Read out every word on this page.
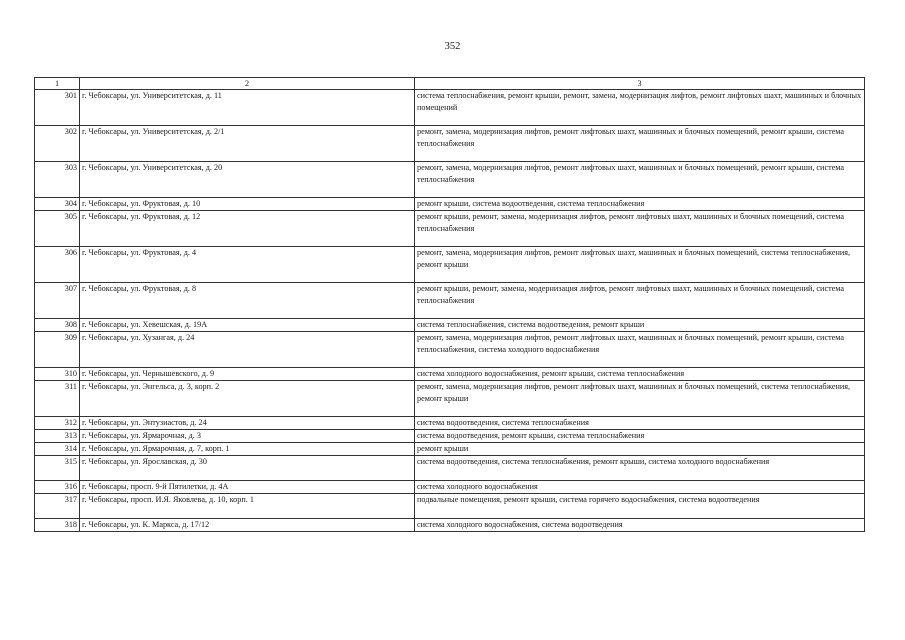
352
1	2	3
301	г. Чебоксары, ул. Университетская, д. 11	система теплоснабжения, ремонт крыши, ремонт, замена, модернизация лифтов, ремонт лифтовых шахт, машинных и блочных помещений
302	г. Чебоксары, ул. Университетская, д. 2/1	ремонт, замена, модернизация лифтов, ремонт лифтовых шахт, машинных и блочных помещений, ремонт крыши, система теплоснабжения
303	г. Чебоксары, ул. Университетская, д. 20	ремонт, замена, модернизация лифтов, ремонт лифтовых шахт, машинных и блочных помещений, ремонт крыши, система теплоснабжения
304	г. Чебоксары, ул. Фруктовая, д. 10	ремонт крыши, система водоотведения, система теплоснабжения
305	г. Чебоксары, ул. Фруктовая, д. 12	ремонт крыши, ремонт, замена, модернизация лифтов, ремонт лифтовых шахт, машинных и блочных помещений, система теплоснабжения
306	г. Чебоксары, ул. Фруктовая, д. 4	ремонт, замена, модернизация лифтов, ремонт лифтовых шахт, машинных и блочных помещений, система теплоснабжения, ремонт крыши
307	г. Чебоксары, ул. Фруктовая, д. 8	ремонт крыши, ремонт, замена, модернизация лифтов, ремонт лифтовых шахт, машинных и блочных помещений, система теплоснабжения
308	г. Чебоксары, ул. Хевешская, д. 19А	система теплоснабжения, система водоотведения, ремонт крыши
309	г. Чебоксары, ул. Хузангая, д. 24	ремонт, замена, модернизация лифтов, ремонт лифтовых шахт, машинных и блочных помещений, ремонт крыши, система теплоснабжения, система холодного водоснабжения
310	г. Чебоксары, ул. Чернышевского, д. 9	система холодного водоснабжения, ремонт крыши, система теплоснабжения
311	г. Чебоксары, ул. Энгельса, д. 3, корп. 2	ремонт, замена, модернизация лифтов, ремонт лифтовых шахт, машинных и блочных помещений, система теплоснабжения, ремонт крыши
312	г. Чебоксары, ул. Энтузиастов, д. 24	система водоотведения, система теплоснабжения
313	г. Чебоксары, ул. Ярмарочная, д. 3	система водоотведения, ремонт крыши, система теплоснабжения
314	г. Чебоксары, ул. Ярмарочная, д. 7, корп. 1	ремонт крыши
315	г. Чебоксары, ул. Ярославская, д. 30	система водоотведения, система теплоснабжения, ремонт крыши, система холодного водоснабжения
316	г. Чебоксары, просп. 9-й Пятилетки, д. 4А	система холодного водоснабжения
317	г. Чебоксары, просп. И.Я. Яковлева, д. 10, корп. 1	подвальные помещения, ремонт крыши, система горячего водоснабжения, система водоотведения
318	г. Чебоксары, ул. К. Маркса, д. 17/12	система холодного водоснабжения, система водоотведения
